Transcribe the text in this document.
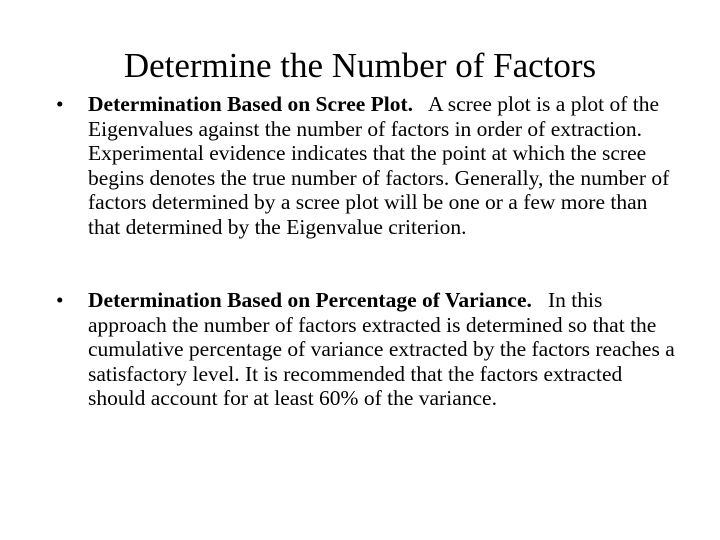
Determine the Number of Factors
•	Determination Based on Scree Plot. A scree plot is a plot of the Eigenvalues against the number of factors in order of extraction. Experimental evidence indicates that the point at which the scree begins denotes the true number of factors. Generally, the number of factors determined by a scree plot will be one or a few more than that determined by the Eigenvalue criterion.
•	Determination Based on Percentage of Variance. In this approach the number of factors extracted is determined so that the cumulative percentage of variance extracted by the factors reaches a satisfactory level. It is recommended that the factors extracted should account for at least 60% of the variance.
